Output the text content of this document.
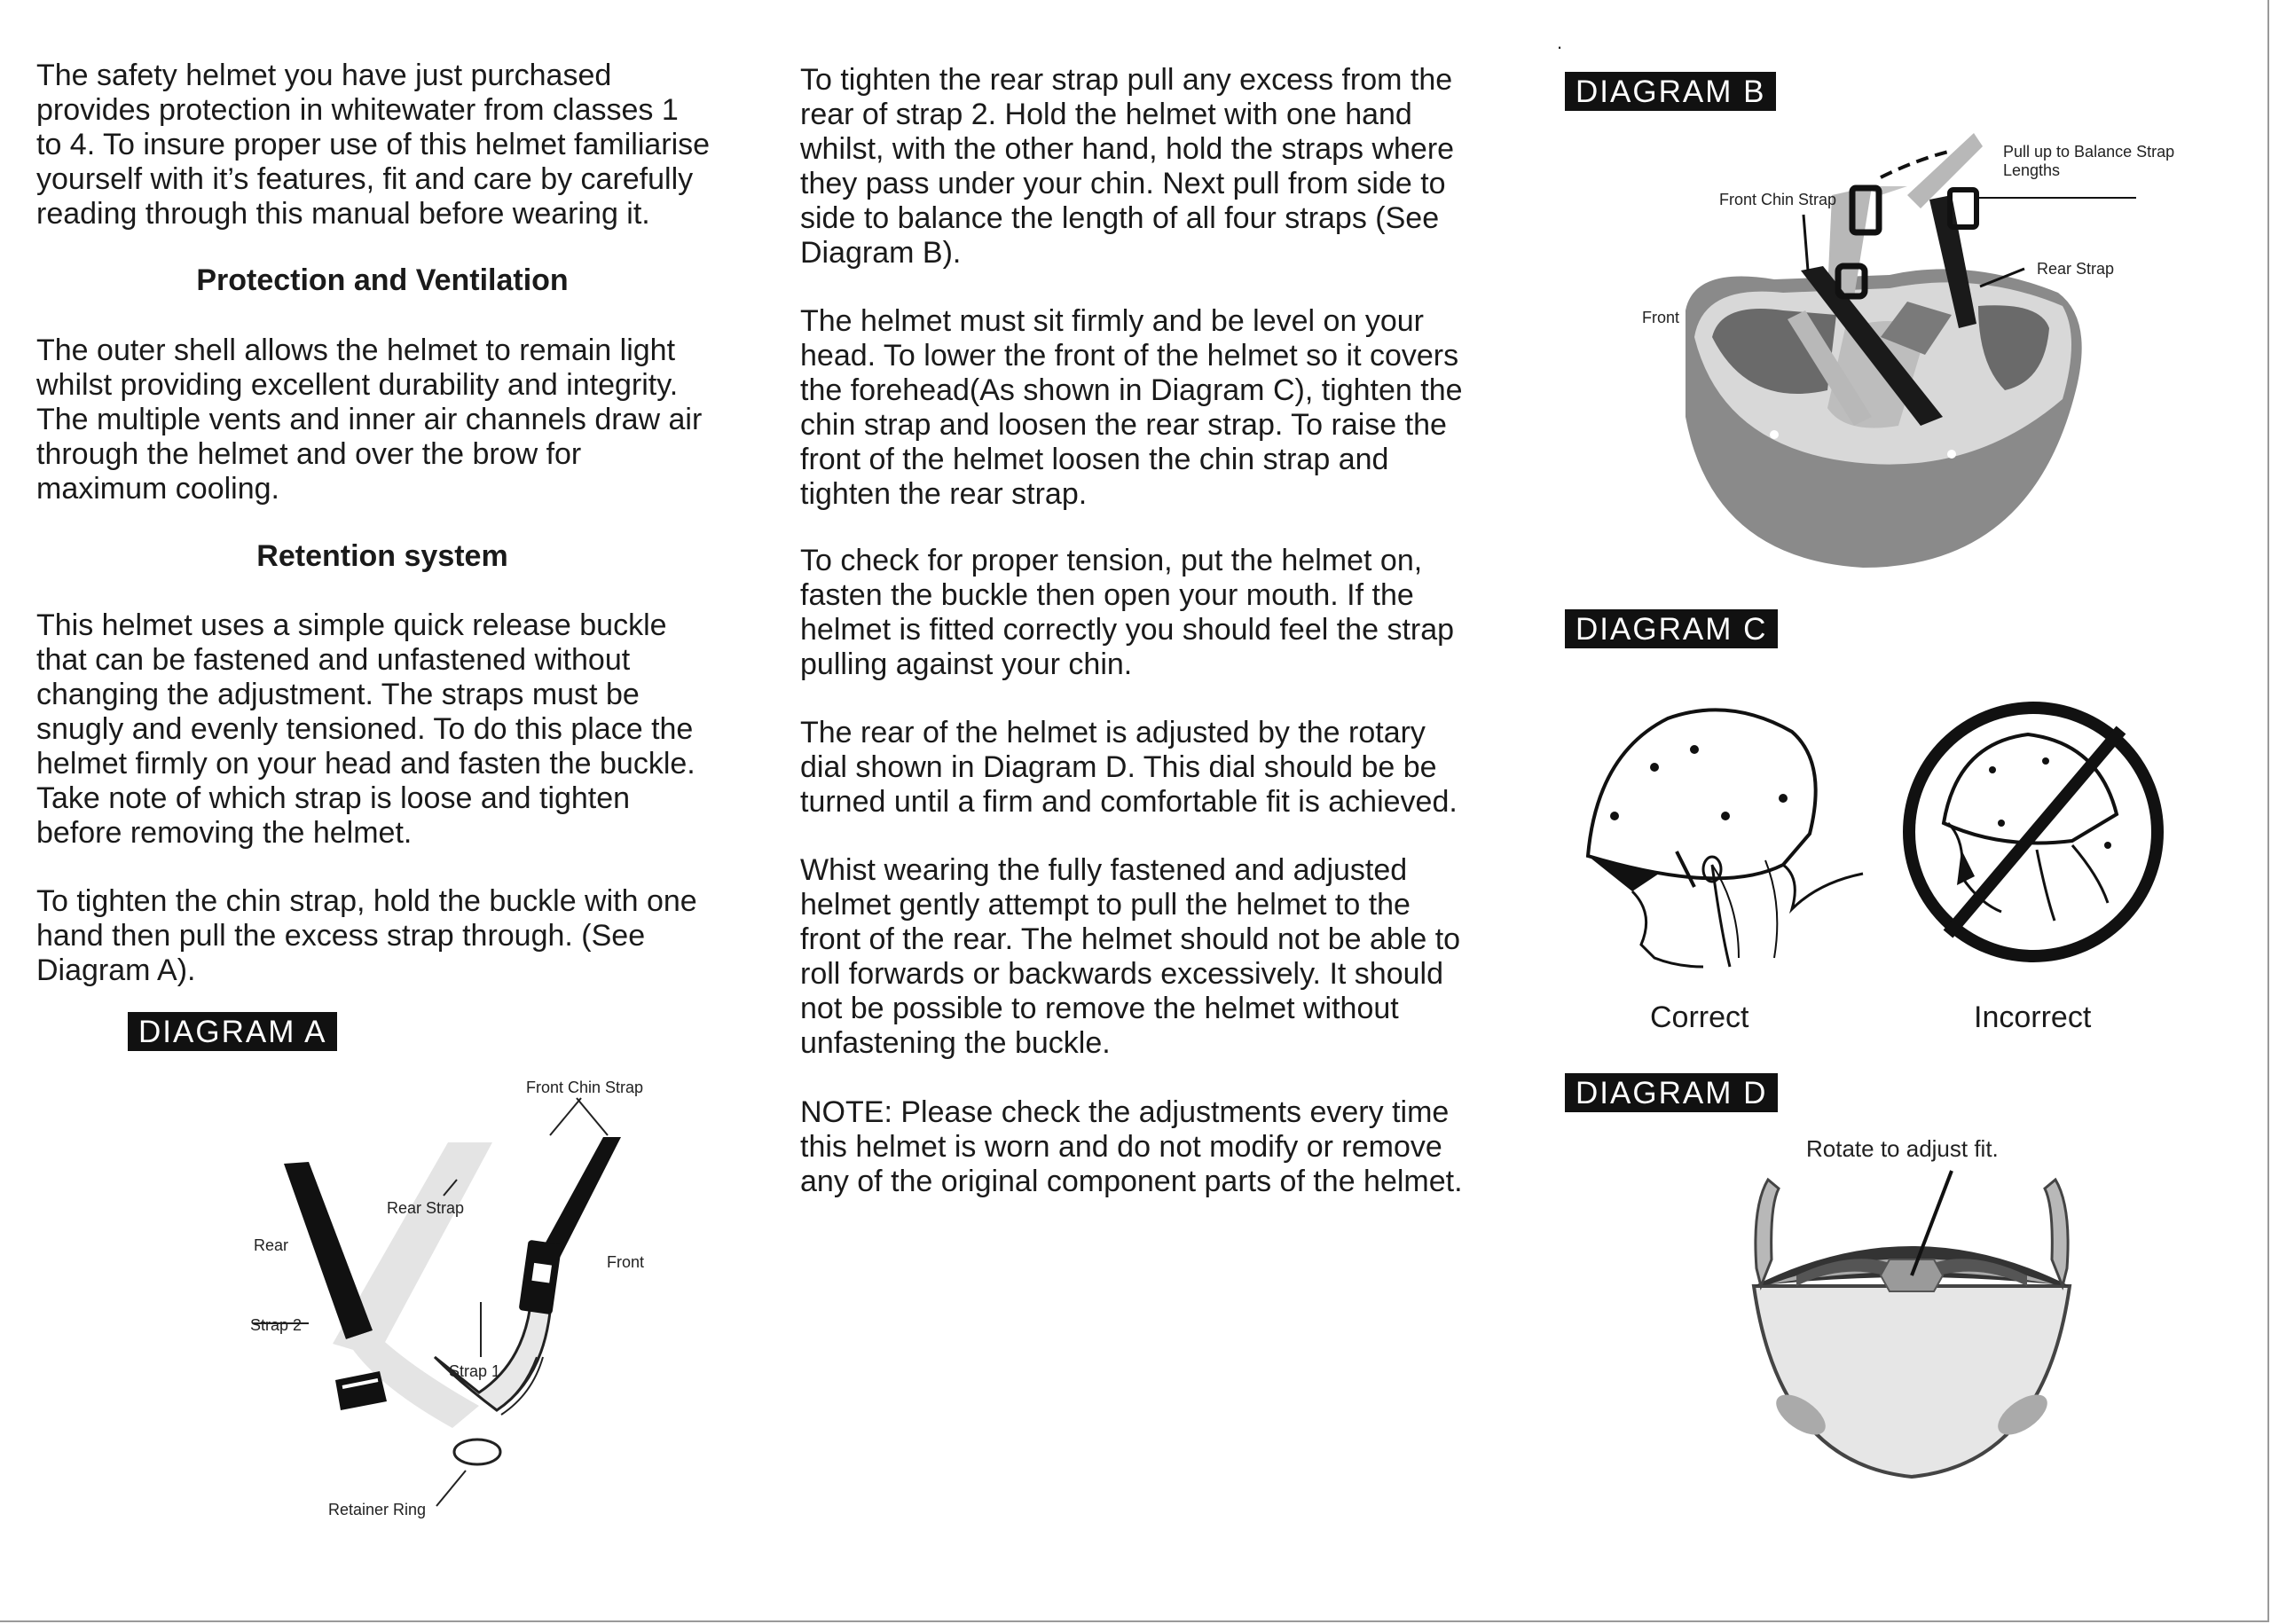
The safety helmet you have just purchased
provides protection in whitewater from classes 1
to 4. To insure proper use of this helmet familiarise
yourself with it’s features, fit and care by carefully
reading through this manual before wearing it.

Protection and Ventilation

The outer shell allows the helmet to remain light
whilst providing excellent durability and integrity.
The multiple vents and inner air channels draw air
through the helmet and over the brow for
maximum cooling.

Retention system

This helmet uses a simple quick release buckle
that can be fastened and unfastened without
changing the adjustment. The straps must be
snugly and evenly tensioned. To do this place the
helmet firmly on your head and fasten the buckle.
Take note of which strap is loose and tighten
before removing the helmet.

To tighten the chin strap, hold the buckle with one
hand then pull the excess strap through. (See
Diagram A).

DIAGRAM A
Front Chin Strap
Rear Strap
Rear
Front
Strap 2
Strap 1
Retainer Ring

To tighten the rear strap pull any excess from the
rear of strap 2. Hold the helmet with one hand
whilst, with the other hand, hold the straps where
they pass under your chin. Next pull from side to
side to balance the length of all four straps (See
Diagram B).

The helmet must sit firmly and be level on your
head. To lower the front of the helmet so it covers
the forehead(As shown in Diagram C), tighten the
chin strap and loosen the rear strap. To raise the
front of the helmet loosen the chin strap and
tighten the rear strap.

To check for proper tension, put the helmet on,
fasten the buckle then open your mouth. If the
helmet is fitted correctly you should feel the strap
pulling against your chin.

The rear of the helmet is adjusted by the rotary
dial shown in Diagram D. This dial should be be
turned until a firm and comfortable fit is achieved.

Whist wearing the fully fastened and adjusted
helmet gently attempt to pull the helmet to the
front of the rear. The helmet should not be able to
roll forwards or backwards excessively. It should
not be possible to remove the helmet without
unfastening the buckle.

NOTE: Please check the adjustments every time
this helmet is worn and do not modify or remove
any of the original component parts of the helmet.

.
DIAGRAM B
Pull up to Balance Strap
Lengths
Front Chin Strap
Rear Strap
Front
DIAGRAM C
Correct	Incorrect
DIAGRAM D
Rotate to adjust fit.
